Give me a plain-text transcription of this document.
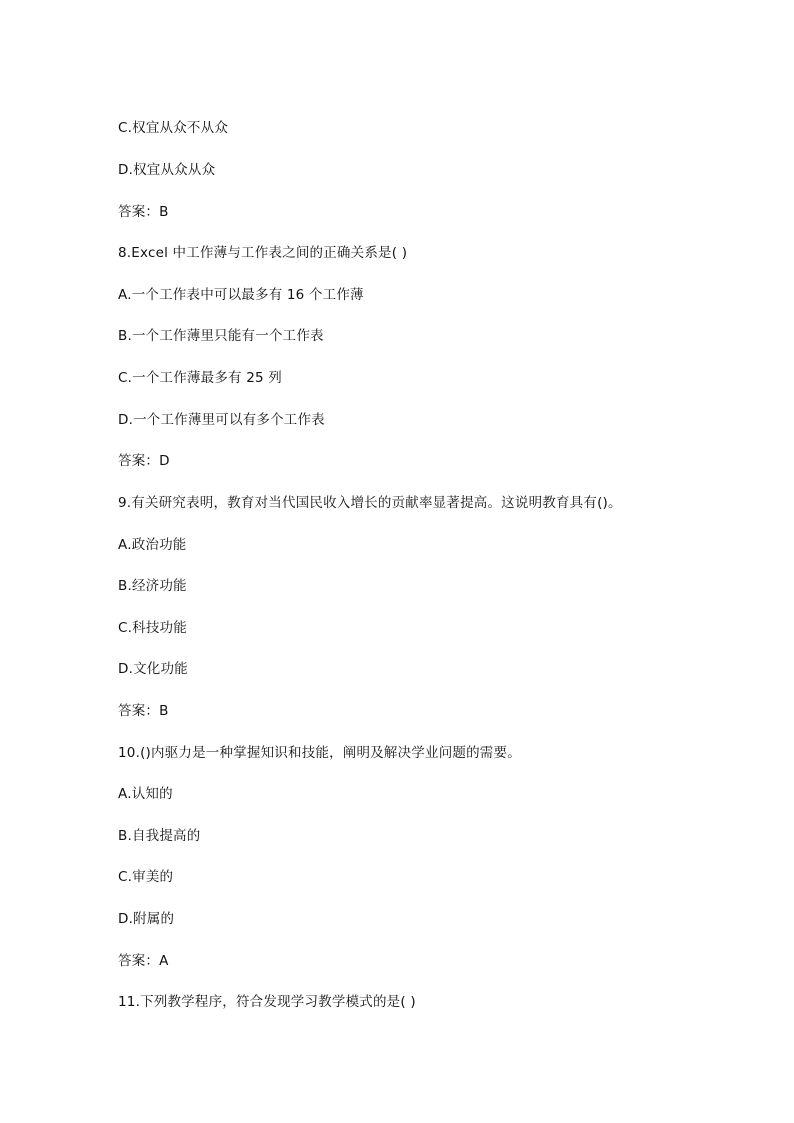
C.权宜从众不从众
D.权宜从众从众
答案：B
8.Excel 中工作薄与工作表之间的正确关系是( )
A.一个工作表中可以最多有 16 个工作薄
B.一个工作薄里只能有一个工作表
C.一个工作薄最多有 25 列
D.一个工作薄里可以有多个工作表
答案：D
9.有关研究表明，教育对当代国民收入增长的贡献率显著提高。这说明教育具有()。
A.政治功能
B.经济功能
C.科技功能
D.文化功能
答案：B
10.()内驱力是一种掌握知识和技能，阐明及解决学业问题的需要。
A.认知的
B.自我提高的
C.审美的
D.附属的
答案：A
11.下列教学程序，符合发现学习教学模式的是( )
